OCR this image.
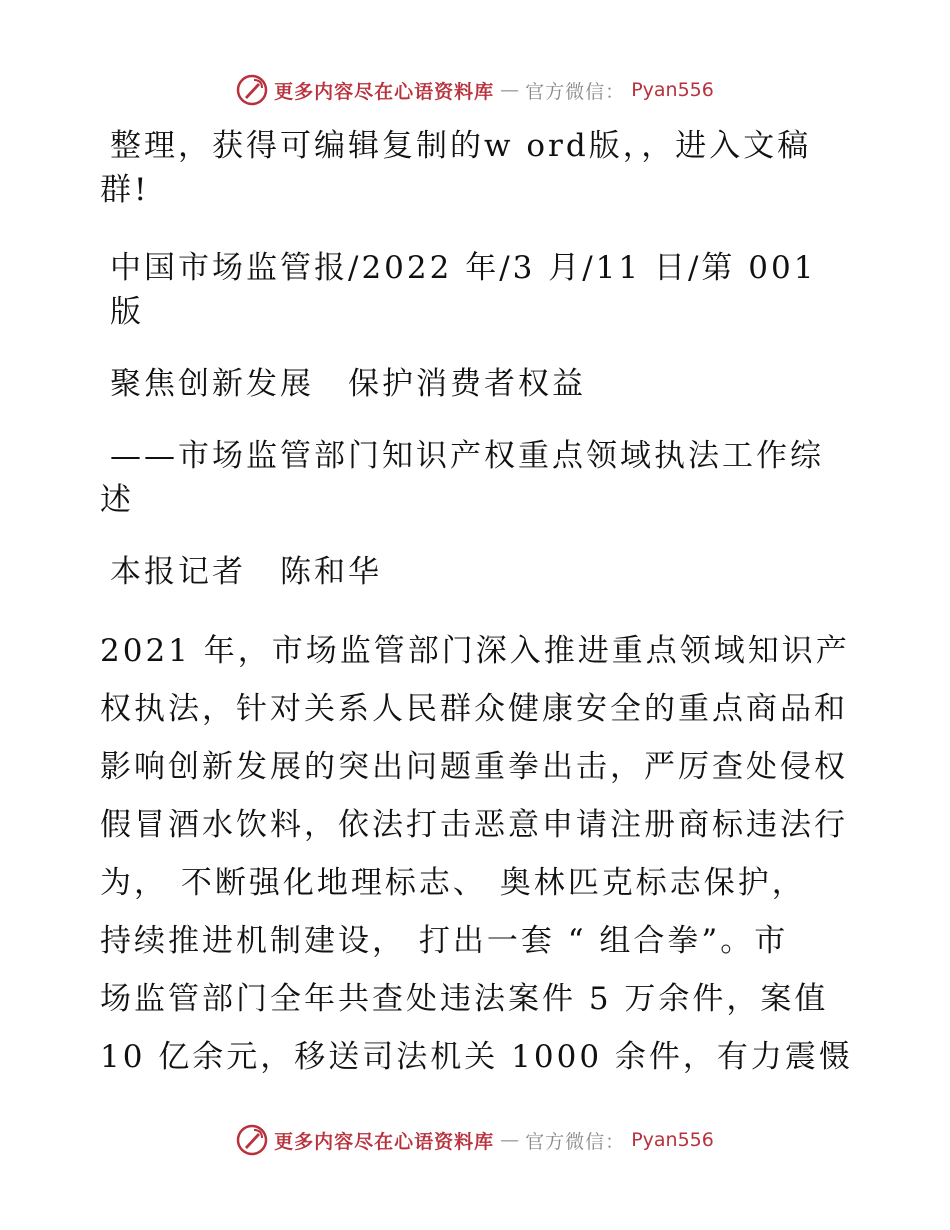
更多内容尽在心语资料库 — 官方微信： Pyan556

整理，获得可编辑复制的w ord版，，进入文稿

群!

中国市场监管报/2022 年/3 月/11 日/第 001 版

聚焦创新发展　保护消费者权益

——市场监管部门知识产权重点领域执法工作综

述

本报记者　陈和华

2021 年，市场监管部门深入推进重点领域知识产
权执法，针对关系人民群众健康安全的重点商品和
影响创新发展的突出问题重拳出击，严厉查处侵权
假冒酒水饮料，依法打击恶意申请注册商标违法行
为， 不断强化地理标志、 奥林匹克标志保护，
持续推进机制建设， 打出一套 “ 组合拳”。市
场监管部门全年共查处违法案件 5 万余件，案值
10 亿余元，移送司法机关 1000 余件，有力震慑
更多内容尽在心语资料库 — 官方微信： Pyan556
